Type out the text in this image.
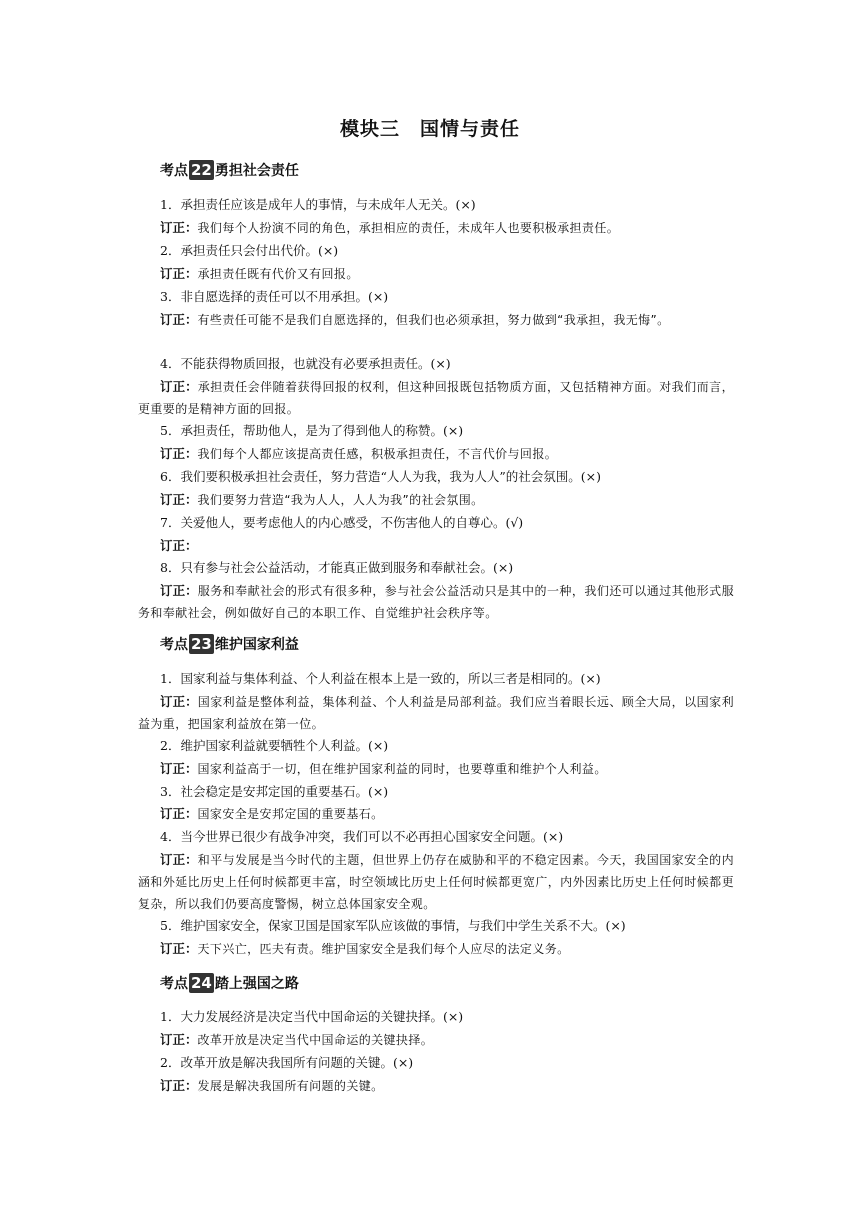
模块三　国情与责任
考点 22 勇担社会责任
1．承担责任应该是成年人的事情，与未成年人无关。(×)
订正：我们每个人扮演不同的角色，承担相应的责任，未成年人也要积极承担责任。
2．承担责任只会付出代价。(×)
订正：承担责任既有代价又有回报。
3．非自愿选择的责任可以不用承担。(×)
订正：有些责任可能不是我们自愿选择的，但我们也必须承担，努力做到“我承担，我无悔”。
4．不能获得物质回报，也就没有必要承担责任。(×)
订正：承担责任会伴随着获得回报的权利，但这种回报既包括物质方面，又包括精神方面。对我们而言，更重要的是精神方面的回报。
5．承担责任，帮助他人，是为了得到他人的称赞。(×)
订正：我们每个人都应该提高责任感，积极承担责任，不言代价与回报。
6．我们要积极承担社会责任，努力营造“人人为我，我为人人”的社会氛围。(×)
订正：我们要努力营造“我为人人，人人为我”的社会氛围。
7．关爱他人，要考虑他人的内心感受，不伤害他人的自尊心。(√)
订正：
8．只有参与社会公益活动，才能真正做到服务和奉献社会。(×)
订正：服务和奉献社会的形式有很多种，参与社会公益活动只是其中的一种，我们还可以通过其他形式服务和奉献社会，例如做好自己的本职工作、自觉维护社会秩序等。
考点 23 维护国家利益
1．国家利益与集体利益、个人利益在根本上是一致的，所以三者是相同的。(×)
订正：国家利益是整体利益，集体利益、个人利益是局部利益。我们应当着眼长远、顾全大局，以国家利益为重，把国家利益放在第一位。
2．维护国家利益就要牺牲个人利益。(×)
订正：国家利益高于一切，但在维护国家利益的同时，也要尊重和维护个人利益。
3．社会稳定是安邦定国的重要基石。(×)
订正：国家安全是安邦定国的重要基石。
4．当今世界已很少有战争冲突，我们可以不必再担心国家安全问题。(×)
订正：和平与发展是当今时代的主题，但世界上仍存在威胁和平的不稳定因素。今天，我国国家安全的内涵和外延比历史上任何时候都更丰富，时空领域比历史上任何时候都更宽广，内外因素比历史上任何时候都更复杂，所以我们仍要高度警惕，树立总体国家安全观。
5．维护国家安全，保家卫国是国家军队应该做的事情，与我们中学生关系不大。(×)
订正：天下兴亡，匹夫有责。维护国家安全是我们每个人应尽的法定义务。
考点 24 踏上强国之路
1．大力发展经济是决定当代中国命运的关键抉择。(×)
订正：改革开放是决定当代中国命运的关键抉择。
2．改革开放是解决我国所有问题的关键。(×)
订正：发展是解决我国所有问题的关键。
